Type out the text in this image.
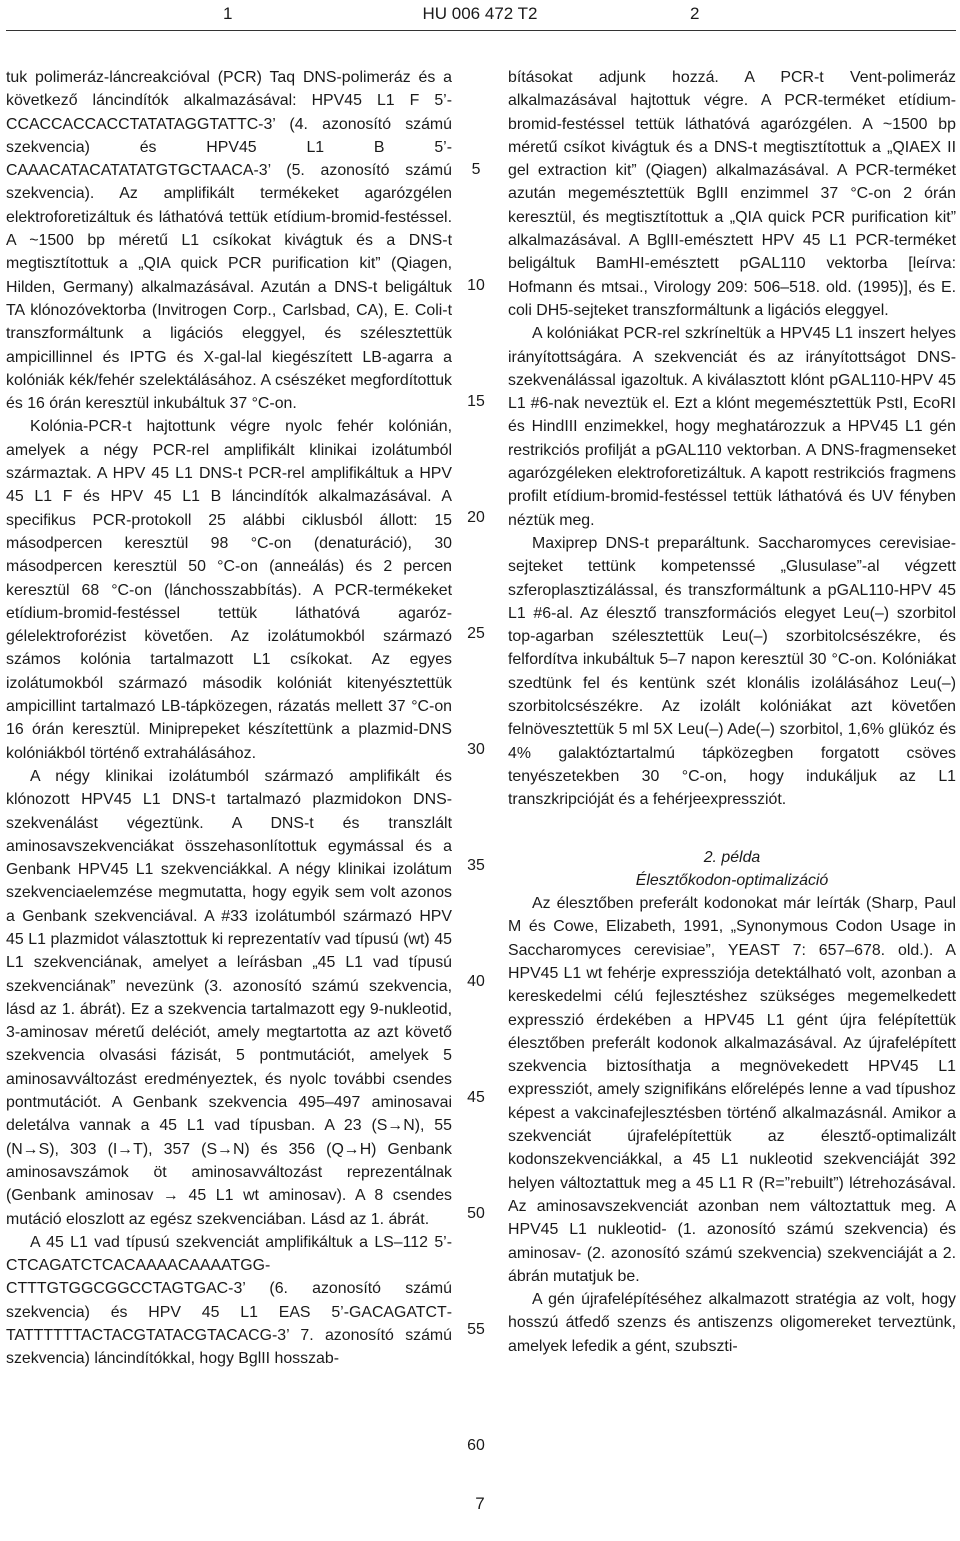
1	HU 006 472 T2	2

tuk polimeráz-láncreakcióval (PCR) Taq DNS-polimeráz és a következő láncindítók alkalmazásával: HPV45 L1 F 5’-CCACCACCACCTATATAGGTATTC-3’ (4. azonosító számú szekvencia) és HPV45 L1 B 5’-CAAACATACATATATGTGCTAACA-3’ (5. azonosító számú szekvencia). Az amplifikált termékeket agarózgélen elektroforetizáltuk és láthatóvá tettük etídium-bromid-festéssel. A ~1500 bp méretű L1 csíkokat kivágtuk és a DNS-t megtisztítottuk a „QIA quick PCR purification kit” (Qiagen, Hilden, Germany) alkalmazásával. Azután a DNS-t beligáltuk TA klónozóvektorba (Invitrogen Corp., Carlsbad, CA), E. Coli-t transzformáltunk a ligációs eleggyel, és szélesztettük ampicillinnel és IPTG és X-gal-lal kiegészített LB-agarra a kolóniák kék/fehér szelektálásához. A csészéket megfordítottuk és 16 órán keresztül inkubáltuk 37 °C-on.

Kolónia-PCR-t hajtottunk végre nyolc fehér kolónián, amelyek a négy PCR-rel amplifikált klinikai izolátumból származtak. A HPV 45 L1 DNS-t PCR-rel amplifikáltuk a HPV 45 L1 F és HPV 45 L1 B láncindítók alkalmazásával. A specifikus PCR-protokoll 25 alábbi ciklusból állott: 15 másodpercen keresztül 98 °C-on (denaturáció), 30 másodpercen keresztül 50 °C-on (anneálás) és 2 percen keresztül 68 °C-on (lánchosszabbítás). A PCR-termékeket etídium-bromid-festéssel tettük láthatóvá agaróz-gélelektroforézist követően. Az izolátumokból származó számos kolónia tartalmazott L1 csíkokat. Az egyes izolátumokból származó második kolóniát kitenyésztettük ampicillint tartalmazó LB-tápközegen, rázatás mellett 37 °C-on 16 órán keresztül. Miniprepeket készítettünk a plazmid-DNS kolóniákból történő extrahálásához.

A négy klinikai izolátumból származó amplifikált és klónozott HPV45 L1 DNS-t tartalmazó plazmidokon DNS-szekvenálást végeztünk. A DNS-t és transzlált aminosavszekvenciákat összehasonlítottuk egymással és a Genbank HPV45 L1 szekvenciákkal. A négy klinikai izolátum szekvenciaelemzése megmutatta, hogy egyik sem volt azonos a Genbank szekvenciával. A #33 izolátumból származó HPV 45 L1 plazmidot választottuk ki reprezentatív vad típusú (wt) 45 L1 szekvenciának, amelyet a leírásban „45 L1 vad típusú szekvenciának” nevezünk (3. azonosító számú szekvencia, lásd az 1. ábrát). Ez a szekvencia tartalmazott egy 9-nukleotid, 3-aminosav méretű deléciót, amely megtartotta az azt követő szekvencia olvasási fázisát, 5 pontmutációt, amelyek 5 aminosavváltozást eredményeztek, és nyolc további csendes pontmutációt. A Genbank szekvencia 495–497 aminosavai deletálva vannak a 45 L1 vad típusban. A 23 (S→N), 55 (N→S), 303 (I→T), 357 (S→N) és 356 (Q→H) Genbank aminosavszámok öt aminosavváltozást reprezentálnak (Genbank aminosav → 45 L1 wt aminosav). A 8 csendes mutáció eloszlott az egész szekvenciában. Lásd az 1. ábrát.

A 45 L1 vad típusú szekvenciát amplifikáltuk a LS–112 5’-CTCAGATCTCACAAAACAAAATGGCTTTGTGGCGGCCTAGTGAC-3’ (6. azonosító számú szekvencia) és HPV 45 L1 EAS 5’-GACAGATCTTATTTTTTACTACGTATACGTACACG-3’ 7. azonosító számú szekvencia) láncindítókkal, hogy BglII hosszab-

bításokat adjunk hozzá. A PCR-t Vent-polimeráz alkalmazásával hajtottuk végre. A PCR-terméket etídium-bromid-festéssel tettük láthatóvá agarózgélen. A ~1500 bp méretű csíkot kivágtuk és a DNS-t megtisztítottuk a „QIAEX II gel extraction kit” (Qiagen) alkalmazásával. A PCR-terméket azután megemésztettük BglII enzimmel 37 °C-on 2 órán keresztül, és megtisztítottuk a „QIA quick PCR purification kit” alkalmazásával. A BglII-emésztett HPV 45 L1 PCR-terméket beligáltuk BamHI-emésztett pGAL110 vektorba [leírva: Hofmann és mtsai., Virology 209: 506–518. old. (1995)], és E. coli DH5-sejteket transzformáltunk a ligációs eleggyel.

A kolóniákat PCR-rel szkríneltük a HPV45 L1 inszert helyes irányítottságára. A szekvenciát és az irányítottságot DNS-szekvenálással igazoltuk. A kiválasztott klónt pGAL110-HPV 45 L1 #6-nak neveztük el. Ezt a klónt megemésztettük PstI, EcoRI és HindIII enzimekkel, hogy meghatározzuk a HPV45 L1 gén restrikciós profilját a pGAL110 vektorban. A DNS-fragmenseket agarózgéleken elektroforetizáltuk. A kapott restrikciós fragmens profilt etídium-bromid-festéssel tettük láthatóvá és UV fényben néztük meg.

Maxiprep DNS-t preparáltunk. Saccharomyces cerevisiae-sejteket tettünk kompetenssé „Glusulase”-al végzett szferoplasztizálással, és transzformáltunk a pGAL110-HPV 45 L1 #6-al. Az élesztő transzformációs elegyet Leu(–) szorbitol top-agarban szélesztettük Leu(–) szorbitolcsészékre, és felfordítva inkubáltuk 5–7 napon keresztül 30 °C-on. Kolóniákat szedtünk fel és kentünk szét klonális izolálásához Leu(–) szorbitolcsészékre. Az izolált kolóniákat azt követően felnövesztettük 5 ml 5X Leu(–) Ade(–) szorbitol, 1,6% glükóz és 4% galaktóztartalmú tápközegben forgatott csöves tenyészetekben 30 °C-on, hogy indukáljuk az L1 transzkripcióját és a fehérjeexpressziót.

2. példa

Élesztőkodon-optimalizáció

Az élesztőben preferált kodonokat már leírták (Sharp, Paul M és Cowe, Elizabeth, 1991, „Synonymous Codon Usage in Saccharomyces cerevisiae”, YEAST 7: 657–678. old.). A HPV45 L1 wt fehérje expressziója detektálható volt, azonban a kereskedelmi célú fejlesztéshez szükséges megemelkedett expresszió érdekében a HPV45 L1 gént újra felépítettük élesztőben preferált kodonok alkalmazásával. Az újrafelépített szekvencia biztosíthatja a megnövekedett HPV45 L1 expressziót, amely szignifikáns előrelépés lenne a vad típushoz képest a vakcinafejlesztésben történő alkalmazásnál. Amikor a szekvenciát újrafelépítettük az élesztő-optimalizált kodonszekvenciákkal, a 45 L1 nukleotid szekvenciáját 392 helyen változtattuk meg a 45 L1 R (R=”rebuilt”) létrehozásával. Az aminosavszekvenciát azonban nem változtattuk meg. A HPV45 L1 nukleotid- (1. azonosító számú szekvencia) és aminosav- (2. azonosító számú szekvencia) szekvenciáját a 2. ábrán mutatjuk be.

A gén újrafelépítéséhez alkalmazott stratégia az volt, hogy hosszú átfedő szenzs és antiszenzs oligomereket terveztünk, amelyek lefedik a gént, szubszti-

5
10
15
20
25
30
35
40
45
50
55
60
7
